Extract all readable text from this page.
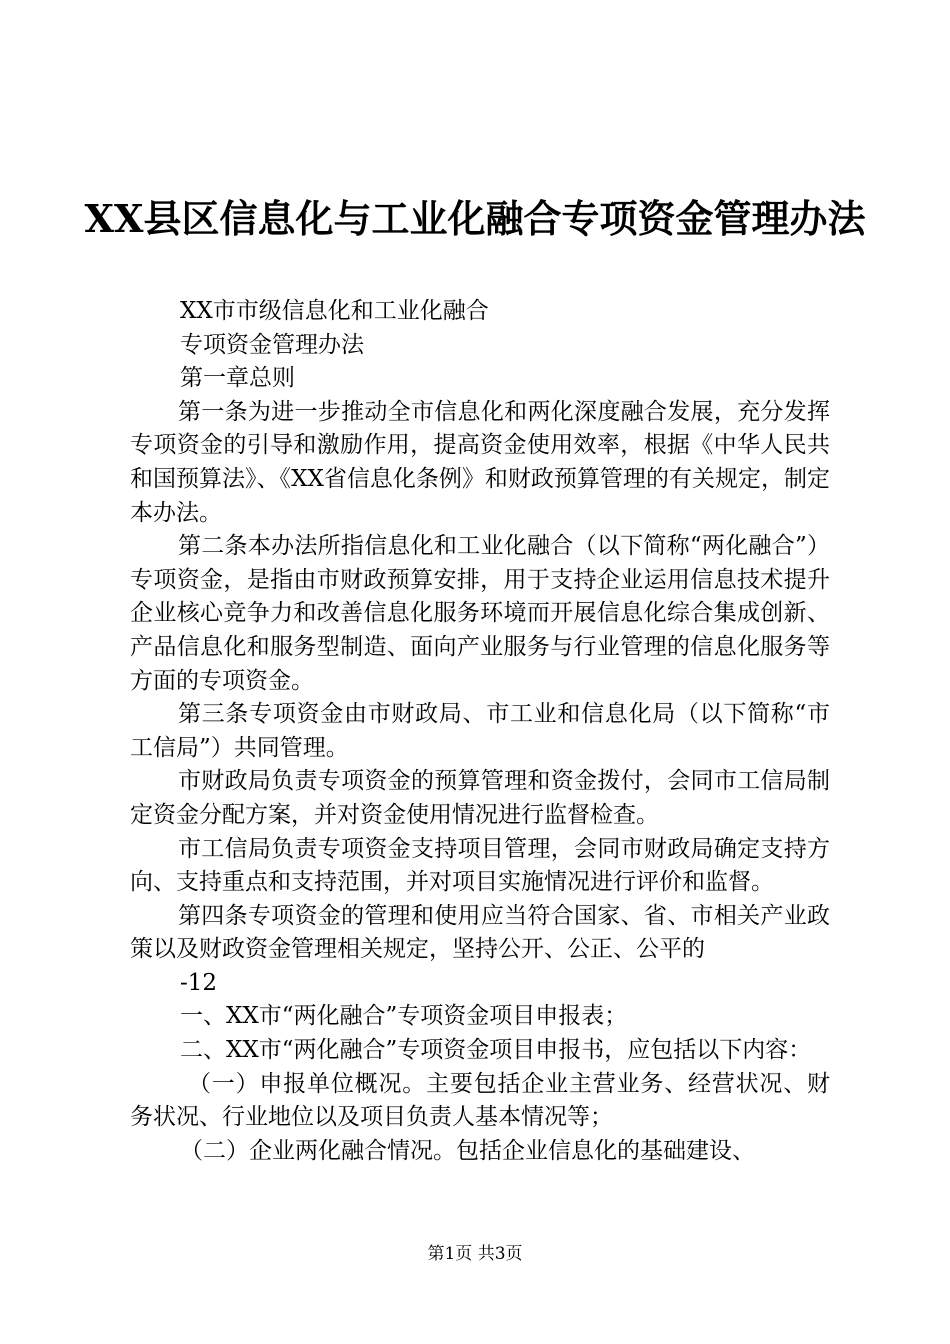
XX县区信息化与工业化融合专项资金管理办法

XX市市级信息化和工业化融合

专项资金管理办法

第一章总则

第一条为进一步推动全市信息化和两化深度融合发展，充分发挥专项资金的引导和激励作用，提高资金使用效率，根据《中华人民共和国预算法》、《XX省信息化条例》和财政预算管理的有关规定，制定本办法。

第二条本办法所指信息化和工业化融合（以下简称“两化融合”）专项资金，是指由市财政预算安排，用于支持企业运用信息技术提升企业核心竞争力和改善信息化服务环境而开展信息化综合集成创新、产品信息化和服务型制造、面向产业服务与行业管理的信息化服务等方面的专项资金。

第三条专项资金由市财政局、市工业和信息化局（以下简称“市工信局”）共同管理。

市财政局负责专项资金的预算管理和资金拨付，会同市工信局制定资金分配方案，并对资金使用情况进行监督检查。

市工信局负责专项资金支持项目管理，会同市财政局确定支持方向、支持重点和支持范围，并对项目实施情况进行评价和监督。

第四条专项资金的管理和使用应当符合国家、省、市相关产业政策以及财政资金管理相关规定，坚持公开、公正、公平的

-12

一、XX市“两化融合”专项资金项目申报表；

二、XX市“两化融合”专项资金项目申报书，应包括以下内容：

（一）申报单位概况。主要包括企业主营业务、经营状况、财务状况、行业地位以及项目负责人基本情况等；

（二）企业两化融合情况。包括企业信息化的基础建设、

第1页 共3页
